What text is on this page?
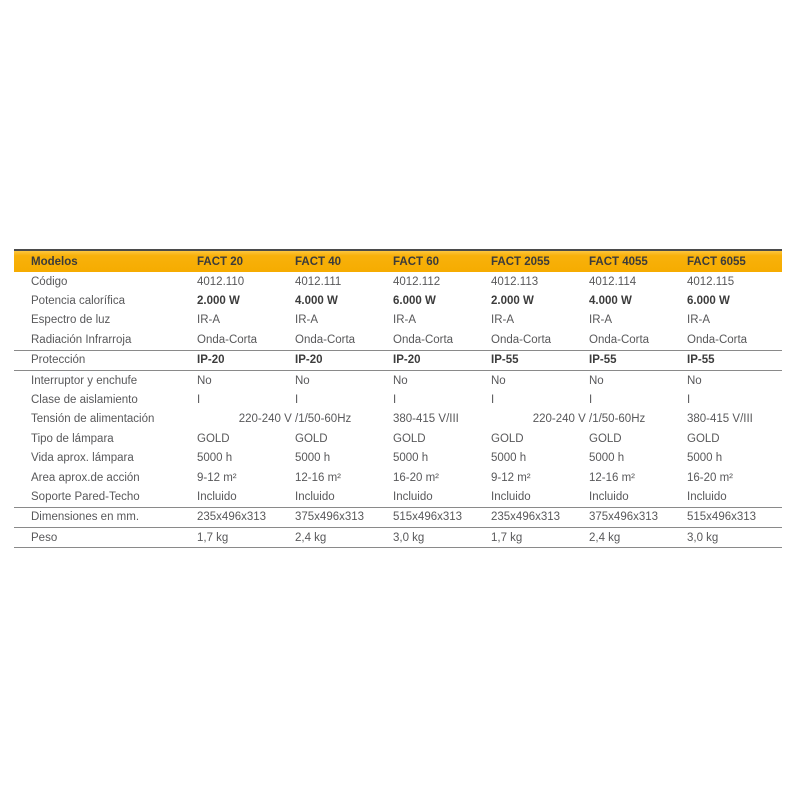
Modelos	FACT 20	FACT 40	FACT 60	FACT 2055	FACT 4055	FACT 6055
Código	4012.110	4012.111	4012.112	4012.113	4012.114	4012.115
Potencia calorífica	2.000 W	4.000 W	6.000 W	2.000 W	4.000 W	6.000 W
Espectro de luz	IR-A	IR-A	IR-A	IR-A	IR-A	IR-A
Radiación Infrarroja	Onda-Corta	Onda-Corta	Onda-Corta	Onda-Corta	Onda-Corta	Onda-Corta
Protección	IP-20	IP-20	IP-20	IP-55	IP-55	IP-55
Interruptor y enchufe	No	No	No	No	No	No
Clase de aislamiento	I	I	I	I	I	I
Tensión de alimentación	220-240 V /1/50-60Hz		380-415 V/III	220-240 V /1/50-60Hz		380-415 V/III
Tipo de lámpara	GOLD	GOLD	GOLD	GOLD	GOLD	GOLD
Vida aprox. lámpara	5000 h	5000 h	5000 h	5000 h	5000 h	5000 h
Area aprox.de acción	9-12 m²	12-16 m²	16-20 m²	9-12 m²	12-16 m²	16-20 m²
Soporte Pared-Techo	Incluido	Incluido	Incluido	Incluido	Incluido	Incluido
Dimensiones en mm.	235x496x313	375x496x313	515x496x313	235x496x313	375x496x313	515x496x313
Peso	1,7 kg	2,4 kg	3,0 kg	1,7 kg	2,4 kg	3,0 kg
